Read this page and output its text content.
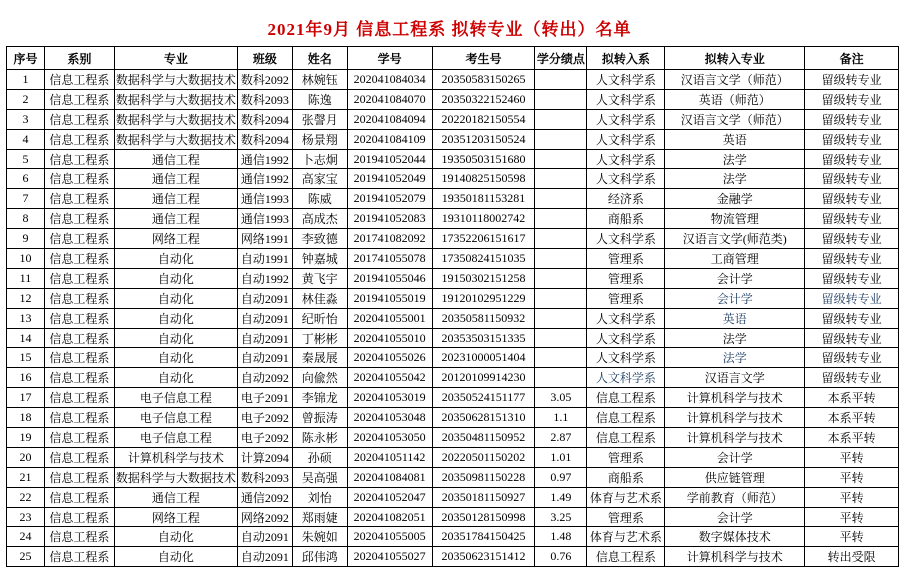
2021年9月 信息工程系 拟转专业（转出）名单
序号	系别	专业	班级	姓名	学号	考生号	学分绩点	拟转入系	拟转入专业	备注
1	信息工程系	数据科学与大数据技术	数科2092	林婉钰	202041084034	20350583150265		人文科学系	汉语言文学（师范）	留级转专业
2	信息工程系	数据科学与大数据技术	数科2093	陈逸	202041084070	20350322152460		人文科学系	英语（师范）	留级转专业
3	信息工程系	数据科学与大数据技术	数科2094	张謦月	202041084094	20220182150554		人文科学系	汉语言文学（师范）	留级转专业
4	信息工程系	数据科学与大数据技术	数科2094	杨景翔	202041084109	20351203150524		人文科学系	英语	留级转专业
5	信息工程系	通信工程	通信1992	卜志炯	201941052044	19350503151680		人文科学系	法学	留级转专业
6	信息工程系	通信工程	通信1992	高家宝	201941052049	19140825150598		人文科学系	法学	留级转专业
7	信息工程系	通信工程	通信1993	陈威	201941052079	19350181153281		经济系	金融学	留级转专业
8	信息工程系	通信工程	通信1993	高成杰	201941052083	19310118002742		商船系	物流管理	留级转专业
9	信息工程系	网络工程	网络1991	李致德	201741082092	17352206151617		人文科学系	汉语言文学(师范类)	留级转专业
10	信息工程系	自动化	自动1991	钟嘉城	201741055078	17350824151035		管理系	工商管理	留级转专业
11	信息工程系	自动化	自动1992	黄飞宇	201941055046	19150302151258		管理系	会计学	留级转专业
12	信息工程系	自动化	自动2091	林佳淼	201941055019	19120102951229		管理系	会计学	留级转专业
13	信息工程系	自动化	自动2091	纪昕怡	202041055001	20350581150932		人文科学系	英语	留级转专业
14	信息工程系	自动化	自动2091	丁彬彬	202041055010	20353503151335		人文科学系	法学	留级转专业
15	信息工程系	自动化	自动2091	秦晟展	202041055026	20231000051404		人文科学系	法学	留级转专业
16	信息工程系	自动化	自动2092	向偸然	202041055042	20120109914230		人文科学系	汉语言文学	留级转专业
17	信息工程系	电子信息工程	电子2091	李锦龙	202041053019	20350524151177	3.05	信息工程系	计算机科学与技术	本系平转
18	信息工程系	电子信息工程	电子2092	曾振涛	202041053048	20350628151310	1.1	信息工程系	计算机科学与技术	本系平转
19	信息工程系	电子信息工程	电子2092	陈永彬	202041053050	20350481150952	2.87	信息工程系	计算机科学与技术	本系平转
20	信息工程系	计算机科学与技术	计算2094	孙硕	202041051142	20220501150202	1.01	管理系	会计学	平转
21	信息工程系	数据科学与大数据技术	数科2093	吴高强	202041084081	20350981150228	0.97	商船系	供应链管理	平转
22	信息工程系	通信工程	通信2092	刘怡	202041052047	20350181150927	1.49	体育与艺术系	学前教育（师范）	平转
23	信息工程系	网络工程	网络2092	郑雨婕	202041082051	20350128150998	3.25	管理系	会计学	平转
24	信息工程系	自动化	自动2091	朱婉如	202041055005	20351784150425	1.48	体育与艺术系	数字媒体技术	平转
25	信息工程系	自动化	自动2091	邱伟鸿	202041055027	20350623151412	0.76	信息工程系	计算机科学与技术	转出受限
